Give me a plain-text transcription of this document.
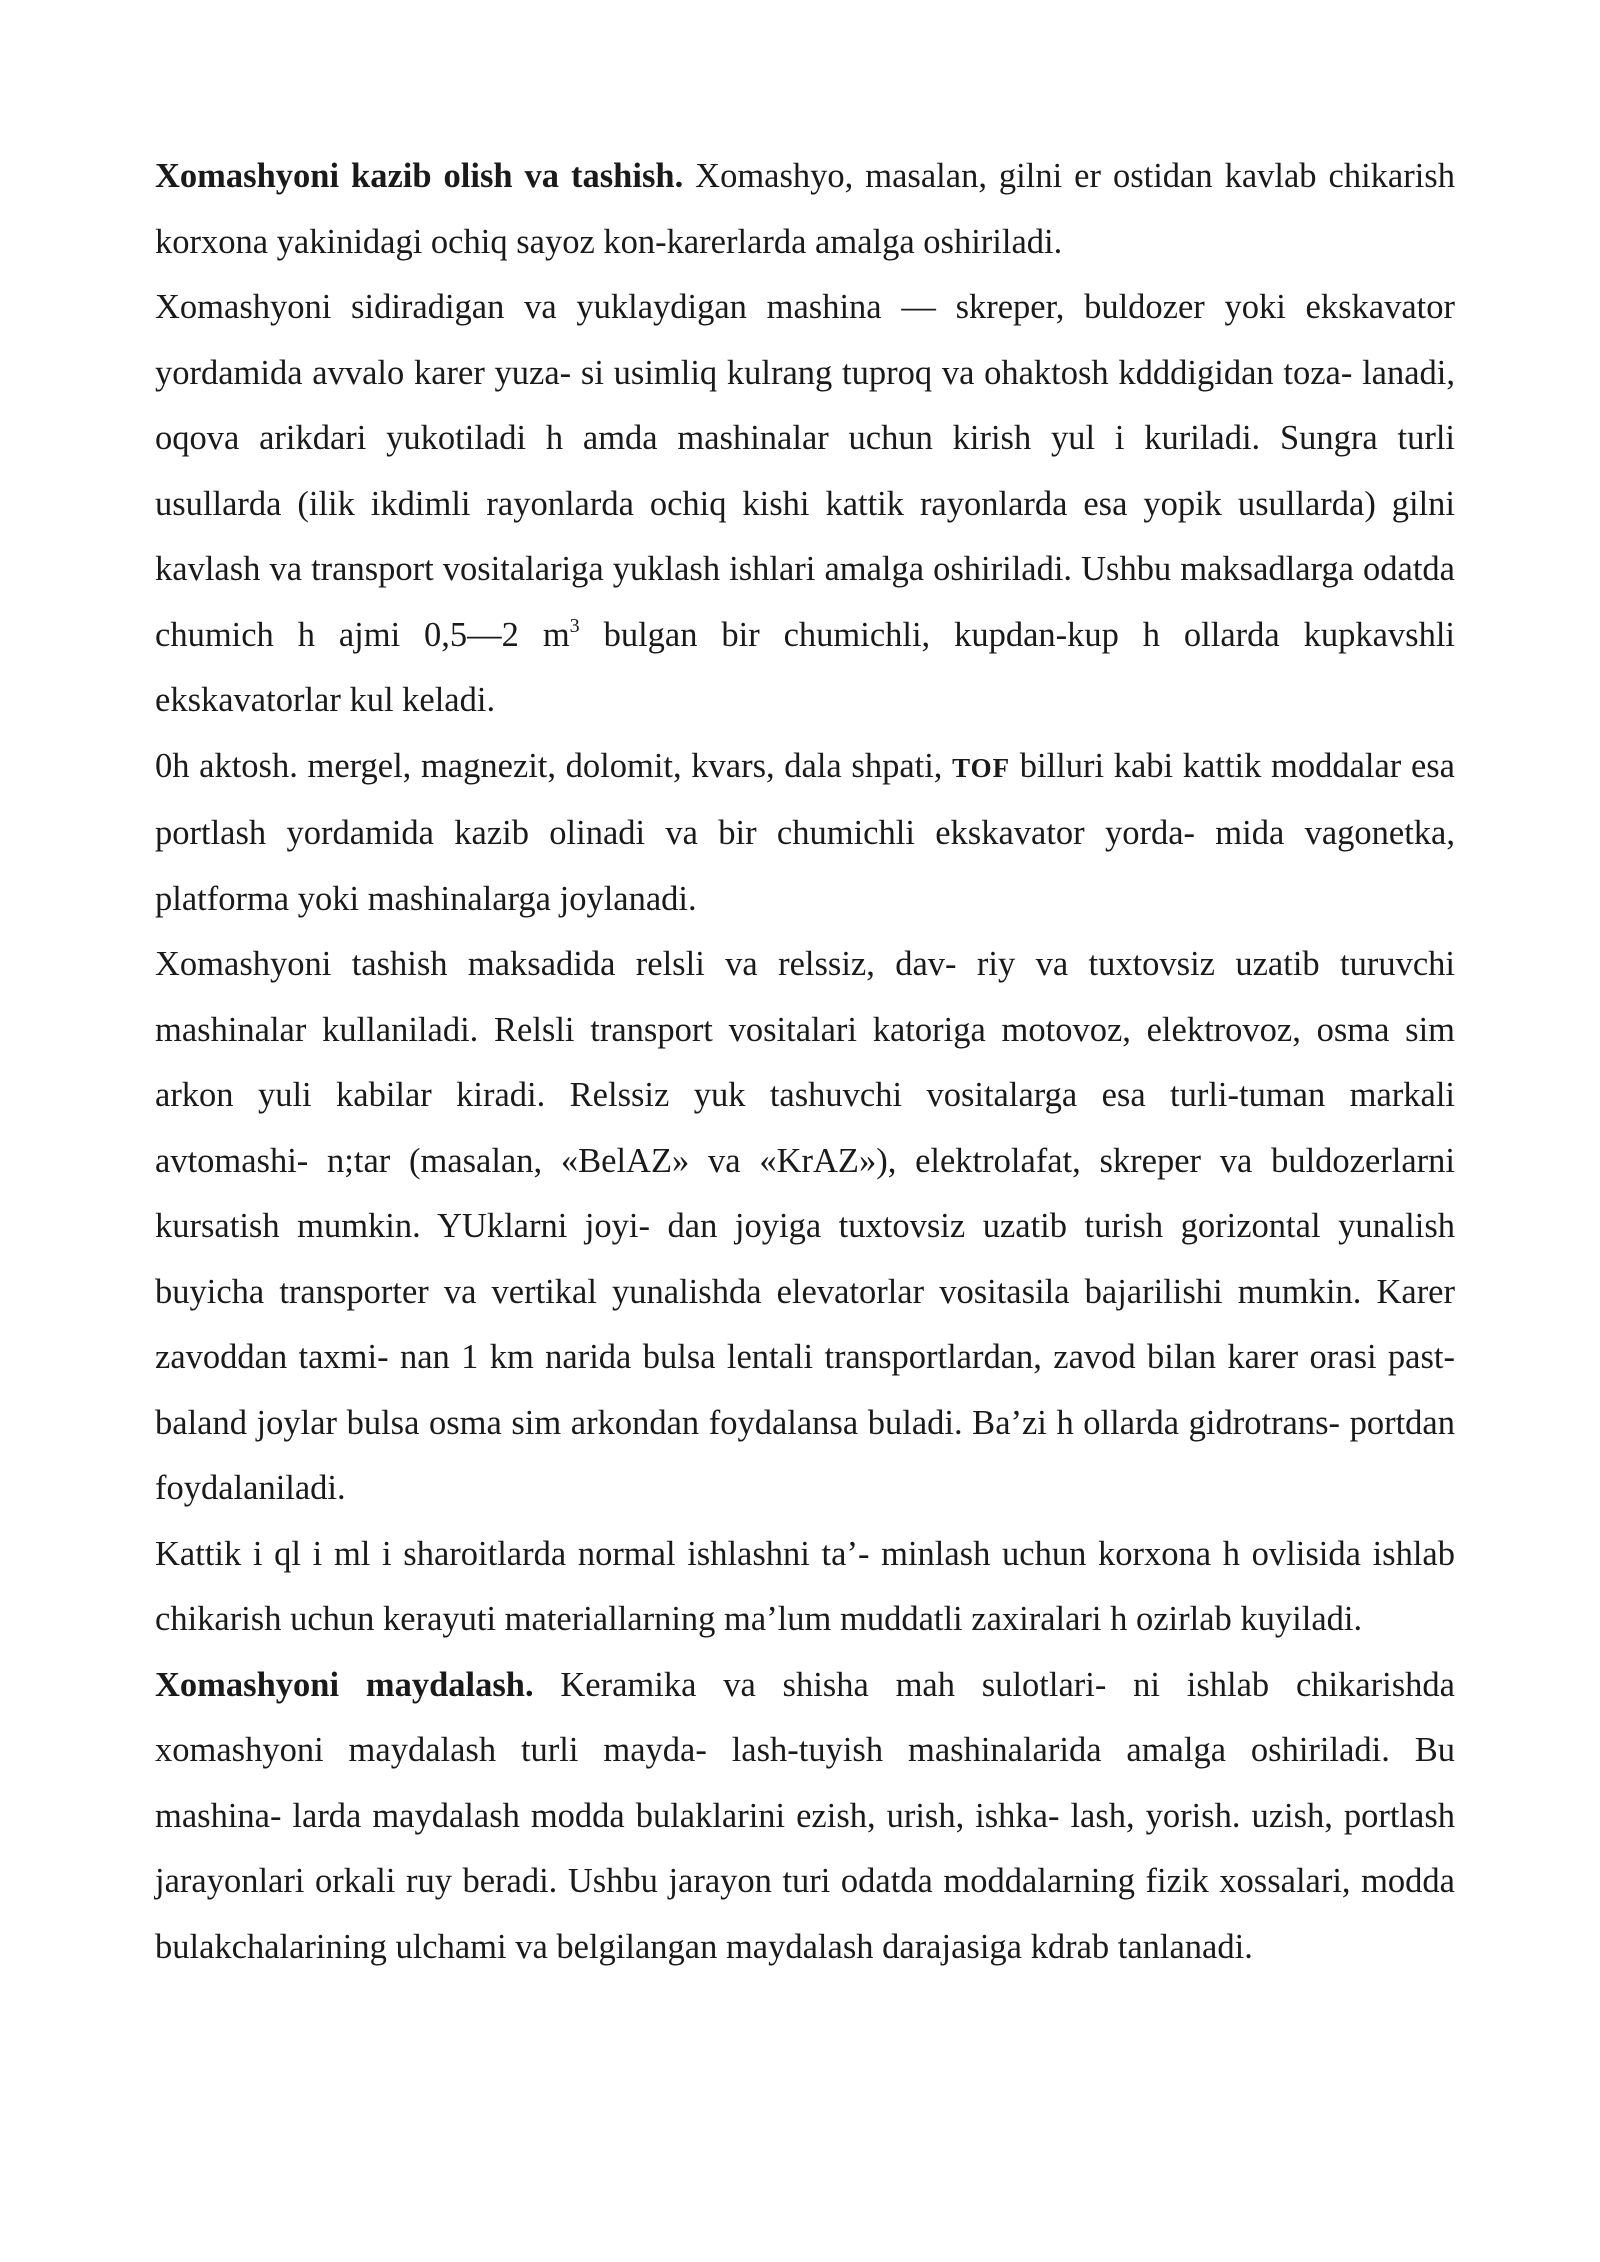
Xomashyoni kazib olish va tashish. Xomashyo, masalan, gilni er ostidan kavlab chikarish korxona yakinidagi ochiq sayoz kon-karerlarda amalga oshiriladi.

Xomashyoni sidiradigan va yuklaydigan mashina — skreper, buldozer yoki ekskavator yordamida avvalo karer yuza- si usimliq kulrang tuproq va ohaktosh kdddigidan toza- lanadi, oqova arikdari yukotiladi h amda mashinalar uchun kirish yul i kuriladi. Sungra turli usullarda (ilik ikdimli rayonlarda ochiq kishi kattik rayonlarda esa yopik usullarda) gilni kavlash va transport vositalariga yuklash ishlari amalga oshiriladi. Ushbu maksadlarga odatda chumich h ajmi 0,5—2 $m^3$ bulgan bir chumichli, kupdan-kup h ollarda kupkavshli ekskavatorlar kul keladi.

0h aktosh. mergel, magnezit, dolomit, kvars, dala shpati, TOF billuri kabi kattik moddalar esa portlash yordamida kazib olinadi va bir chumichli ekskavator yorda- mida vagonetka, platforma yoki mashinalarga joylanadi.

Xomashyoni tashish maksadida relsli va relssiz, dav- riy va tuxtovsiz uzatib turuvchi mashinalar kullaniladi. Relsli transport vositalari katoriga motovoz, elektrovoz, osma sim arkon yuli kabilar kiradi. Relssiz yuk tashuvchi vositalarga esa turli-tuman markali avtomashi- n;tar (masalan, «BelAZ» va «KrAZ»), elektrolafat, skreper va buldozerlarni kursatish mumkin. YUklarni joyi- dan joyiga tuxtovsiz uzatib turish gorizontal yunalish buyicha transporter va vertikal yunalishda elevatorlar vositasila bajarilishi mumkin. Karer zavoddan taxmi- nan 1 km narida bulsa lentali transportlardan, zavod bilan karer orasi past-baland joylar bulsa osma sim arkondan foydalansa buladi. Ba’zi h ollarda gidrotrans- portdan foydalaniladi.

Kattik i ql i ml i sharoitlarda normal ishlashni ta’- minlash uchun korxona h ovlisida ishlab chikarish uchun kerayuti materiallarning ma’lum muddatli zaxiralari h ozirlab kuyiladi.

Xomashyoni maydalash. Keramika va shisha mah sulotlari- ni ishlab chikarishda xomashyoni maydalash turli mayda- lash-tuyish mashinalarida amalga oshiriladi. Bu mashina- larda maydalash modda bulaklarini ezish, urish, ishka- lash, yorish. uzish, portlash jarayonlari orkali ruy beradi. Ushbu jarayon turi odatda moddalarning fizik xossalari, modda bulakchalarining ulchami va belgilangan maydalash darajasiga kdrab tanlanadi.
